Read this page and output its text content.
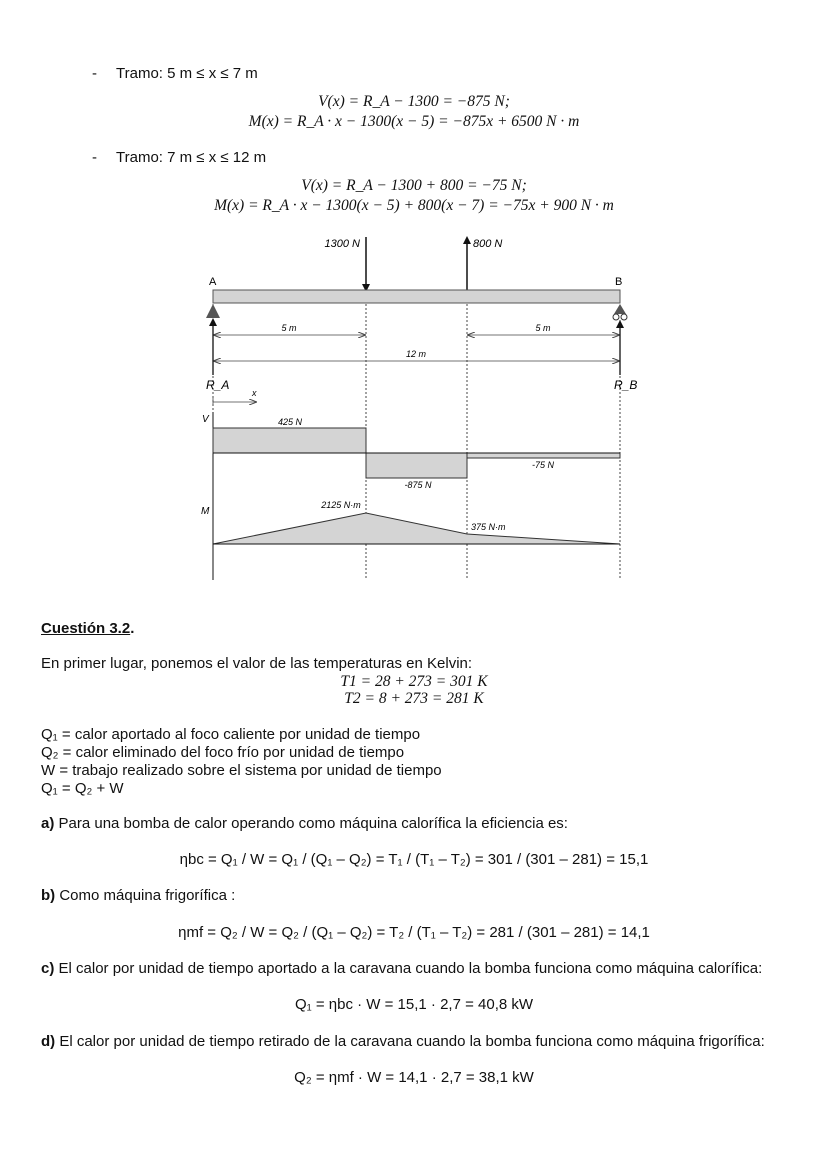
- Tramo: 5 m ≤ x ≤ 7 m
V(x) = R_A − 1300 = −875 N;
M(x) = R_A · x − 1300(x − 5) = −875x + 6500 N · m
- Tramo: 7 m ≤ x ≤ 12 m
V(x) = R_A − 1300 + 800 = −75 N;
M(x) = R_A · x − 1300(x − 5) + 800(x − 7) = −75x + 900 N · m
1300 N	800 N
A	B
5 m	5 m
12 m
R_A	R_B
x
V	425 N
-875 N
-75 N
M
2125 N·m
375 N·m
Cuestión 3.2.
En primer lugar, ponemos el valor de las temperaturas en Kelvin:
T1 = 28 + 273 = 301 K
T2 = 8 + 273 = 281 K
Q₁ = calor aportado al foco caliente por unidad de tiempo
Q₂ = calor eliminado del foco frío por unidad de tiempo
W = trabajo realizado sobre el sistema por unidad de tiempo
Q₁ = Q₂ + W
a) Para una bomba de calor operando como máquina calorífica la eficiencia es:
ηbc = Q₁ / W = Q₁ / (Q₁ – Q₂) = T₁ / (T₁ – T₂) = 301 / (301 – 281) = 15,1
b) Como máquina frigorífica :
ηmf = Q₂ / W = Q₂ / (Q₁ – Q₂) = T₂ / (T₁ – T₂) = 281 / (301 – 281) = 14,1
c) El calor por unidad de tiempo aportado a la caravana cuando la bomba funciona como máquina calorífica:
Q₁ = ηbc · W = 15,1 · 2,7 = 40,8 kW
d) El calor por unidad de tiempo retirado de la caravana cuando la bomba funciona como máquina frigorífica:
Q₂ = ηmf · W = 14,1 · 2,7 = 38,1 kW
